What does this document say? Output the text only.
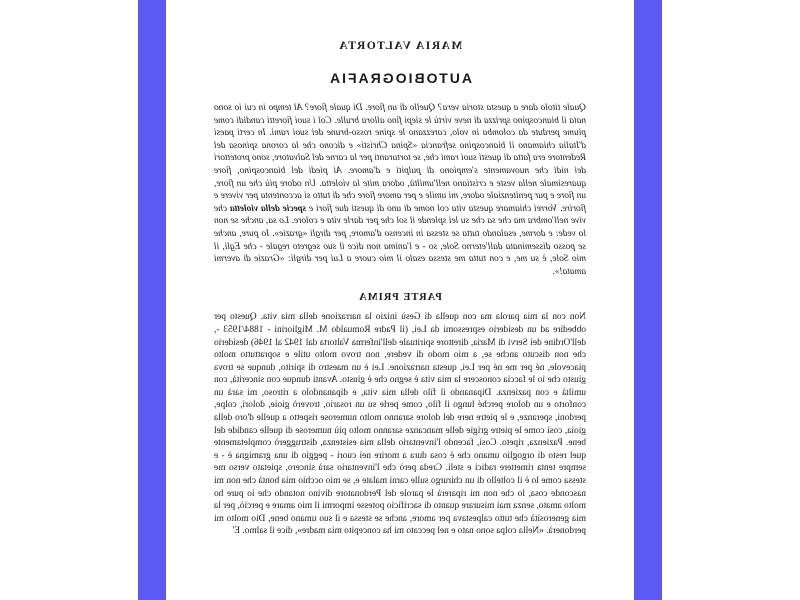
MARIA VALTORTA
AUTOBIOGRAFIA

Quale titolo dare a questa storia vera? Quello di un fiore. Di quale fiore? Al tempo in cui io sono nata il biancospino sprizza di neve virtù le siepi fino allora brulle. Col i suoi fioretti candidi come piume perdute da colomba in volo, carezzano le spine rosso-brune dei suoi rami. In certi paesi d'Italia chiamano il biancospino sefrancia «Spina Christi» e dicono che la corona spinosa del Redentore era fatta di questi suoi rami che, se torturanti per la carne del Salvatore, sono protettori dei nidi che nuovamente s'empiono di pulpiti e d'amore. Ai piedi del biancospino, fiore quaresimale nella veste e cristiano nell'umiltà, odora mite la violetta. Un odore più che un fiore, un fiore e pur penitenziale odore, mi umile e per amore fiore che di tutto si accontenta per vivere e fiorire. Vorrei chiamare questa vita col nome di uno di questi due fiori e specie della violetta che vive nell'ombra ma che sa che su lei splende il sol che per darle vita e colore. Lo sa, anche se non lo vede: e dorme, esalando tutta se stessa in incenso d'amore, per dirgli «grazie». Io pure, anche se posso disseminata dall'eterno Sole, so - e l'anima non dice il suo segreto regale - che Egli, il mio Sole, è su me, e con tutta me stessa esalo il mio cuore a Lui per dirgli: «Grazie di avermi amata!».

PARTE PRIMA

Non con la mia parola ma con quella di Gesù inizio la narrazione della mia vita. Questo per obbedire ad un desiderio espressomi da Lei, (il Padre Romualdo M. Migliorini - 1884/1953 -, dell'Ordine dei Servi di Maria, direttore spirituale dell'inferma Valtorta dal 1942 al 1946) desiderio che non discuto anche se, a mio modo di vedere, non trovo molto utile e soprattutto molto piacevole, né per me né per Lei, questa narrazione. Lei è un maestro di spirito, dunque se trova giusto che io le faccia conoscere la mia vita è segno che è giusto. Avanti dunque con sincerità, con umiltà e con pazienza. Dipanando il filo della mia vita, e dipanandolo a ritroso, mi sarà un conforto e un dolore perché lungo il filo, come perle su un rosario, troverò gioie, dolori, colpe, perdoni, speranze, e le pietre nere del dolore saranno molto numerose rispetto a quelle d'oro della gioia, così come le pietre grigie delle mancanze saranno molto più numerose di quelle candide del bene. Pazienza, ripeto. Così, facendo l'inventario della mia esistenza, distruggerò completamente quel resto di orgoglio umano che è cosa dura a morire nei cuori - peggio di una gramigna è - e sempre tenta rimettere radici e steli. Creda però che l'inventario sarà sincero, spietato verso me stessa come lo è il coltello di un chirurgo sulle carni malate e, se mio occhio mia bontà che non mi nasconde cosa, lo che non mi riparerà le parole del Perdonatore divino notando che io pure ho molto amato, senza mai misurare quanto di sacrificio potesse impormi il mio amare e perciò, per la mia generosità che tutto calpestava per amore, anche se stessa e il suo umano bene, Dio molto mi perdonerà. «Nella colpa sono nato e nel peccato mi ha concepito mia madre», dice il salmo. E'
